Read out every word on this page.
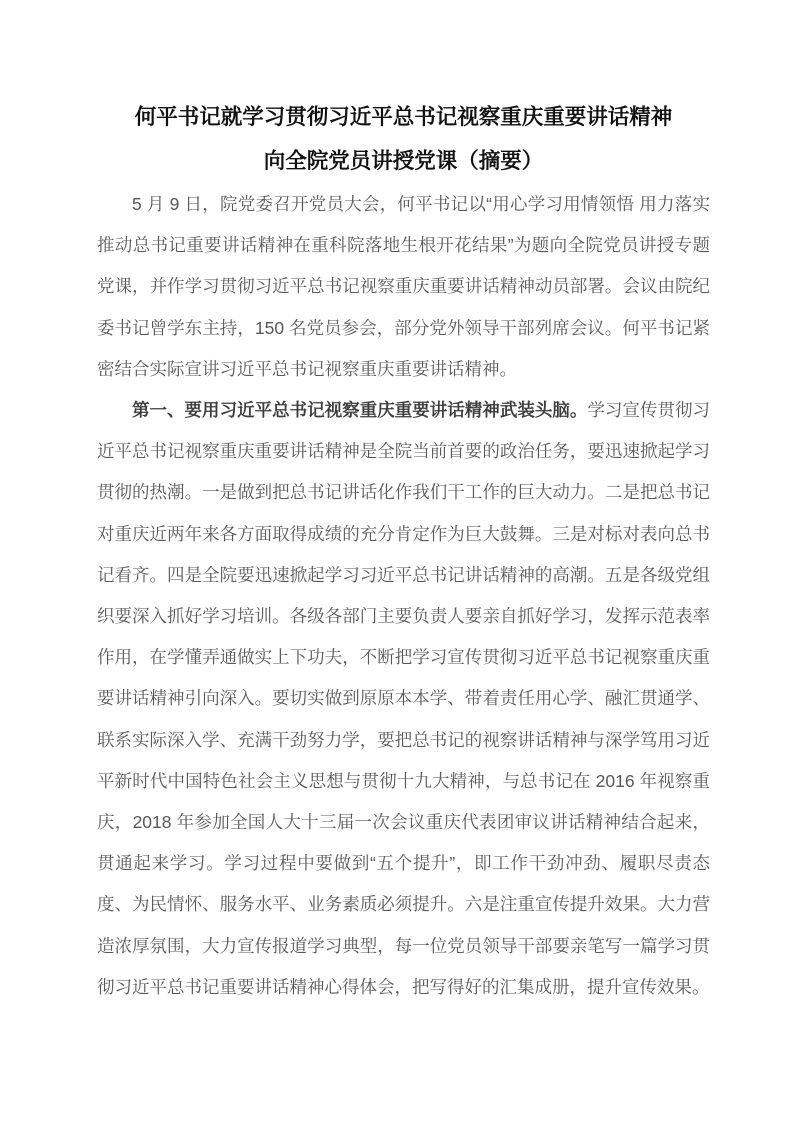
何平书记就学习贯彻习近平总书记视察重庆重要讲话精神
向全院党员讲授党课（摘要）

5 月 9 日，院党委召开党员大会，何平书记以“用心学习用情领悟 用力落实 推动总书记重要讲话精神在重科院落地生根开花结果”为题向全院党员讲授专题党课，并作学习贯彻习近平总书记视察重庆重要讲话精神动员部署。会议由院纪委书记曾学东主持，150 名党员参会，部分党外领导干部列席会议。何平书记紧密结合实际宣讲习近平总书记视察重庆重要讲话精神。

第一、要用习近平总书记视察重庆重要讲话精神武装头脑。学习宣传贯彻习近平总书记视察重庆重要讲话精神是全院当前首要的政治任务，要迅速掀起学习贯彻的热潮。一是做到把总书记讲话化作我们干工作的巨大动力。二是把总书记对重庆近两年来各方面取得成绩的充分肯定作为巨大鼓舞。三是对标对表向总书记看齐。四是全院要迅速掀起学习习近平总书记讲话精神的高潮。五是各级党组织要深入抓好学习培训。各级各部门主要负责人要亲自抓好学习，发挥示范表率作用，在学懂弄通做实上下功夫，不断把学习宣传贯彻习近平总书记视察重庆重要讲话精神引向深入。要切实做到原原本本学、带着责任用心学、融汇贯通学、联系实际深入学、充满干劲努力学，要把总书记的视察讲话精神与深学笃用习近平新时代中国特色社会主义思想与贯彻十九大精神，与总书记在 2016 年视察重庆，2018 年参加全国人大十三届一次会议重庆代表团审议讲话精神结合起来，贯通起来学习。学习过程中要做到“五个提升”，即工作干劲冲劲、履职尽责态度、为民情怀、服务水平、业务素质必须提升。六是注重宣传提升效果。大力营造浓厚氛围，大力宣传报道学习典型，每一位党员领导干部要亲笔写一篇学习贯彻习近平总书记重要讲话精神心得体会，把写得好的汇集成册，提升宣传效果。
